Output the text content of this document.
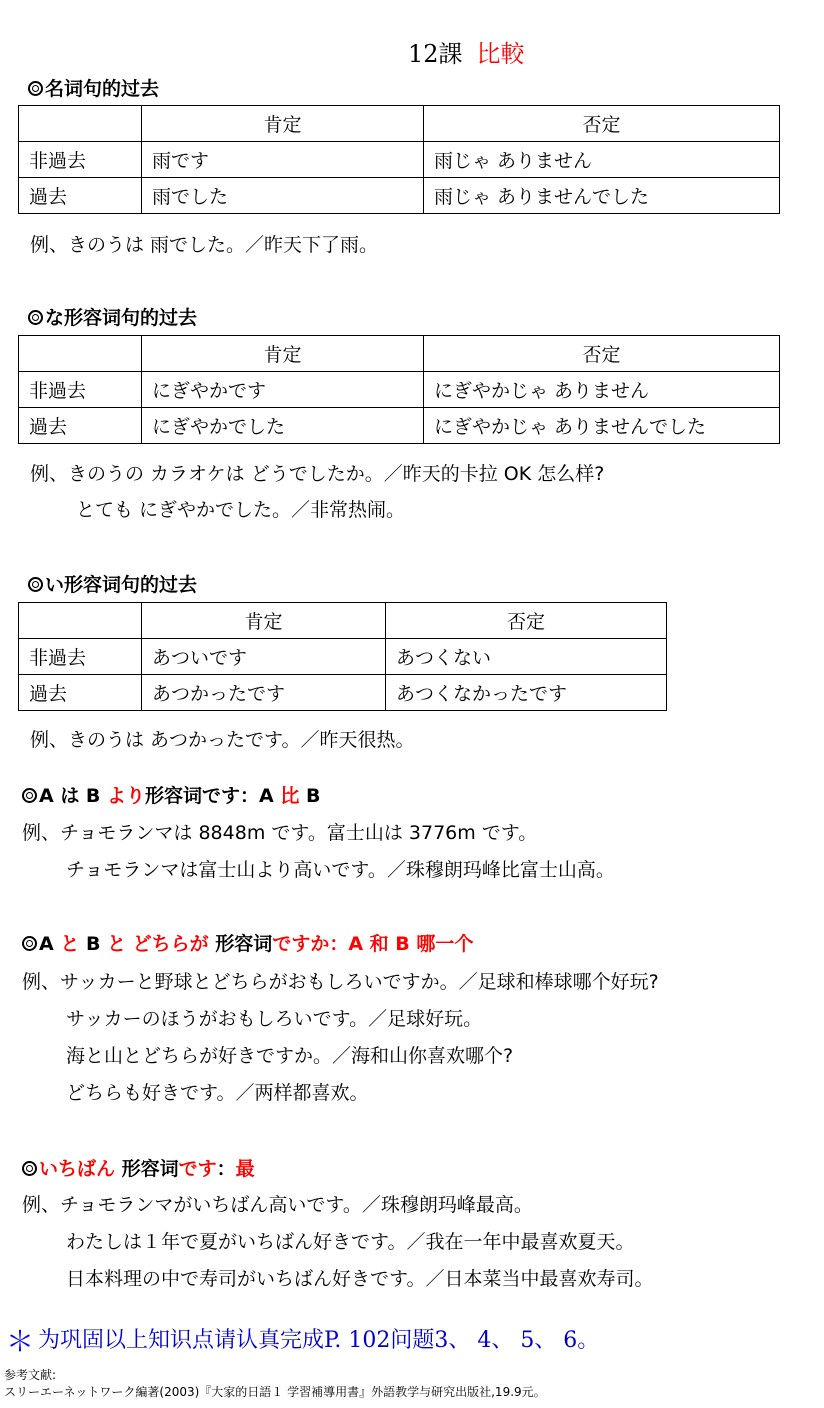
12課 比較
名词句的过去
	肯定	否定
非過去	雨です	雨じゃ ありません
過去	雨でした	雨じゃ ありませんでした
例、きのうは 雨でした。／昨天下了雨。
な形容词句的过去
	肯定	否定
非過去	にぎやかです	にぎやかじゃ ありません
過去	にぎやかでした	にぎやかじゃ ありませんでした
例、きのうの カラオケは どうでしたか。／昨天的卡拉 OK 怎么样?
とても にぎやかでした。／非常热闹。
い形容词句的过去
	肯定	否定
非過去	あついです	あつくない
過去	あつかったです	あつくなかったです
例、きのうは あつかったです。／昨天很热。
A は B より形容词です：A 比 B
例、チョモランマは 8848m です。富士山は 3776m です。
チョモランマは富士山より高いです。／珠穆朗玛峰比富士山高。
A と B と どちらが 形容词ですか：A 和 B 哪一个
例、サッカーと野球とどちらがおもしろいですか。／足球和棒球哪个好玩?
サッカーのほうがおもしろいです。／足球好玩。
海と山とどちらが好きですか。／海和山你喜欢哪个?
どちらも好きです。／两样都喜欢。
いちばん 形容词です：最
例、チョモランマがいちばん高いです。／珠穆朗玛峰最高。
わたしは１年で夏がいちばん好きです。／我在一年中最喜欢夏天。
日本料理の中で寿司がいちばん好きです。／日本菜当中最喜欢寿司。
＊ 为巩固以上知识点请认真完成P. 102问题3、 4、 5、 6。
参考文献:
スリーエーネットワーク編著(2003)『大家的日語１ 学習補導用書』外語教学与研究出版社,19.9元。
